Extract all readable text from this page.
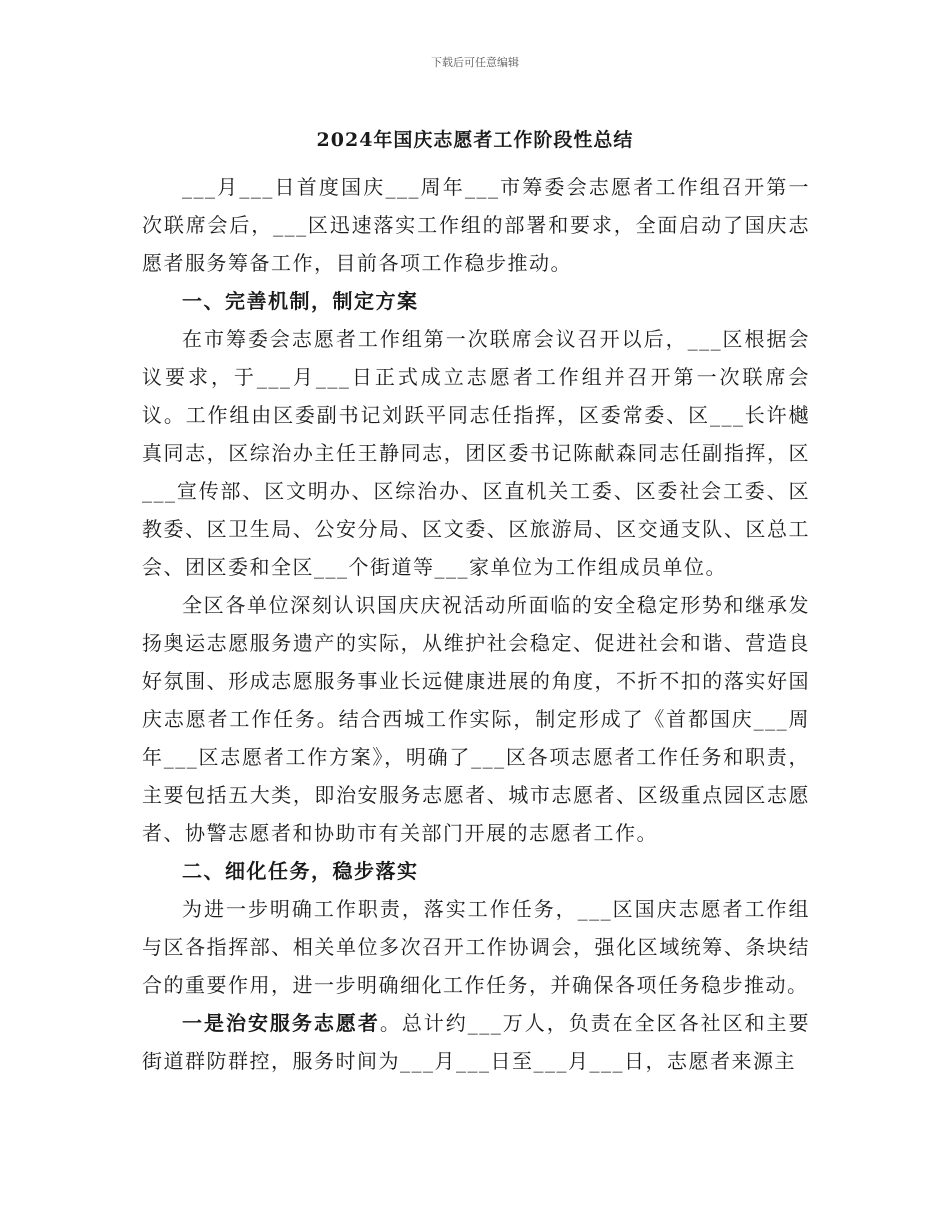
下载后可任意编辑
2024年国庆志愿者工作阶段性总结

___月___日首度国庆___周年___市筹委会志愿者工作组召开第一次联席会后，___区迅速落实工作组的部署和要求，全面启动了国庆志愿者服务筹备工作，目前各项工作稳步推动。

一、完善机制，制定方案

在市筹委会志愿者工作组第一次联席会议召开以后，___区根据会议要求，于___月___日正式成立志愿者工作组并召开第一次联席会议。工作组由区委副书记刘跃平同志任指挥，区委常委、区___长许樾真同志，区综治办主任王静同志，团区委书记陈献森同志任副指挥，区___宣传部、区文明办、区综治办、区直机关工委、区委社会工委、区教委、区卫生局、公安分局、区文委、区旅游局、区交通支队、区总工会、团区委和全区___个街道等___家单位为工作组成员单位。

全区各单位深刻认识国庆庆祝活动所面临的安全稳定形势和继承发扬奥运志愿服务遗产的实际，从维护社会稳定、促进社会和谐、营造良好氛围、形成志愿服务事业长远健康进展的角度，不折不扣的落实好国庆志愿者工作任务。结合西城工作实际，制定形成了《首都国庆___周年___区志愿者工作方案》，明确了___区各项志愿者工作任务和职责，主要包括五大类，即治安服务志愿者、城市志愿者、区级重点园区志愿者、协警志愿者和协助市有关部门开展的志愿者工作。

二、细化任务，稳步落实

为进一步明确工作职责，落实工作任务，___区国庆志愿者工作组与区各指挥部、相关单位多次召开工作协调会，强化区域统筹、条块结合的重要作用，进一步明确细化工作任务，并确保各项任务稳步推动。

一是治安服务志愿者。总计约___万人，负责在全区各社区和主要街道群防群控，服务时间为___月___日至___月___日，志愿者来源主
